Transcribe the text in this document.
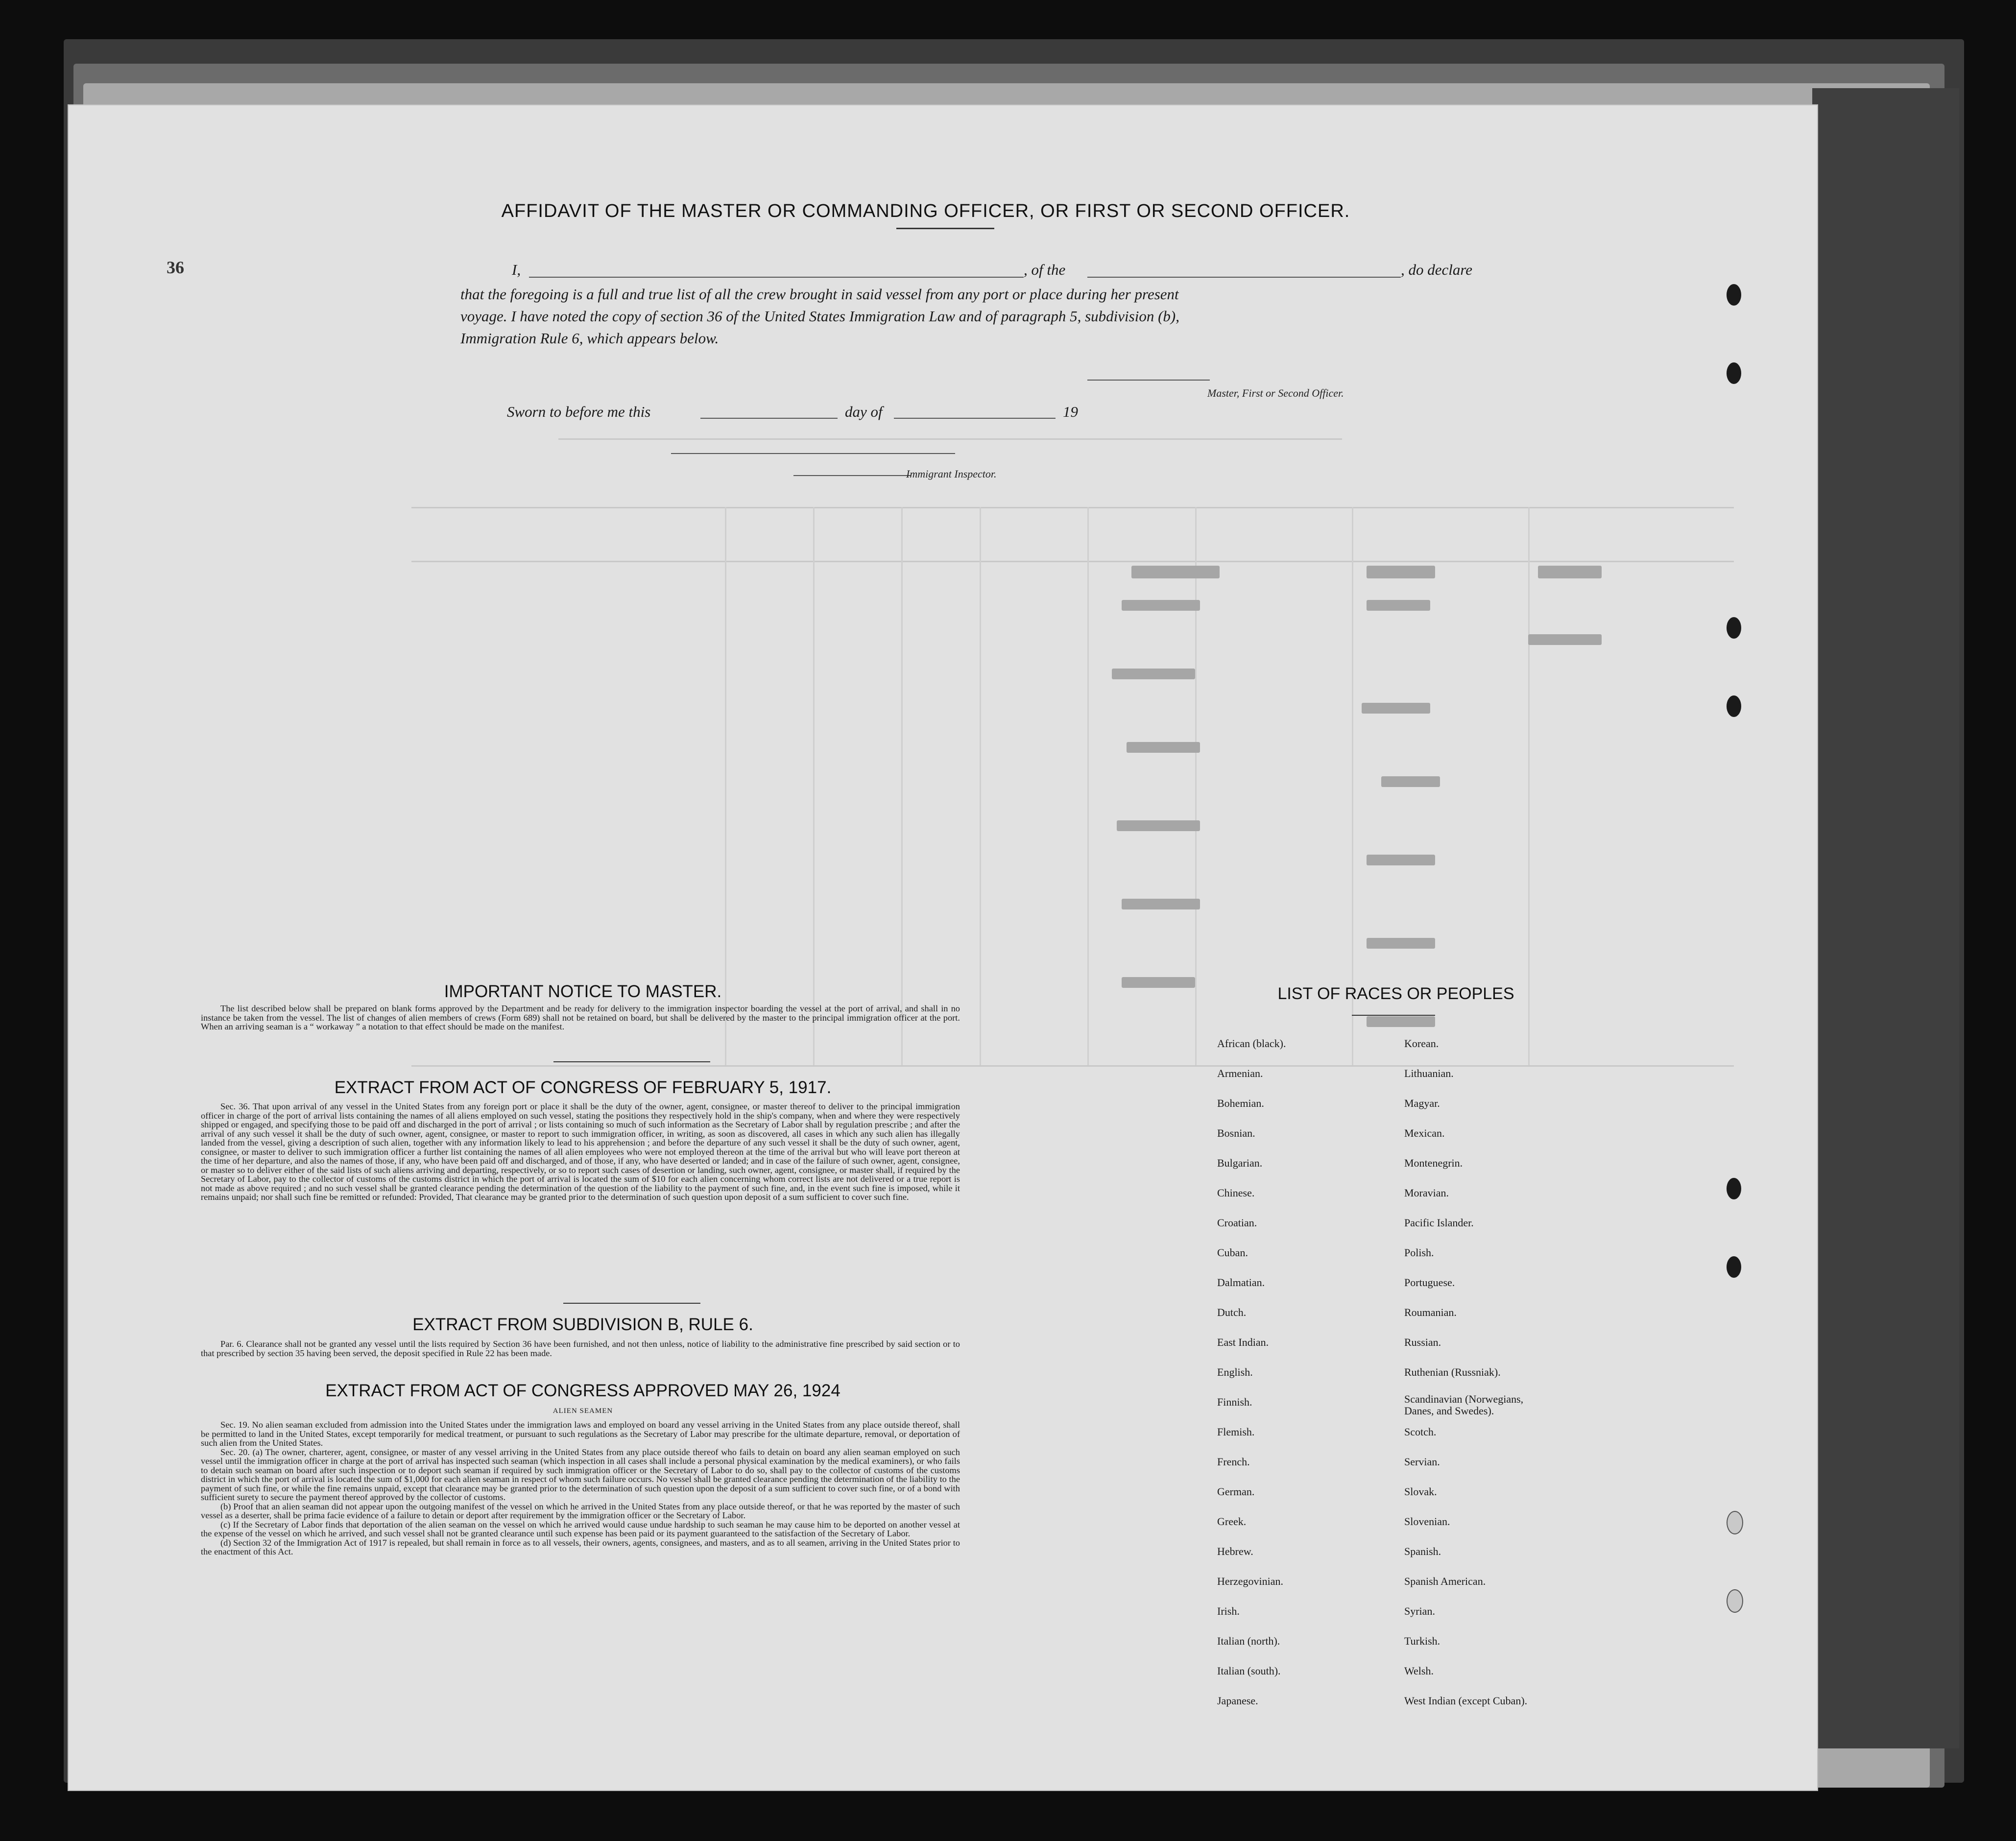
36
AFFIDAVIT OF THE MASTER OR COMMANDING OFFICER, OR FIRST OR SECOND OFFICER.
I,	, of the	, do declare
that the foregoing is a full and true list of all the crew brought in said vessel from any port or place during her present
voyage. I have noted the copy of section 36 of the United States Immigration Law and of paragraph 5, subdivision (b),
Immigration Rule 6, which appears below.
Master, First or Second Officer.
Sworn to before me this	day of	19
Immigrant Inspector.
IMPORTANT NOTICE TO MASTER.

The list described below shall be prepared on blank forms approved by the Department and be ready for delivery to the immigration inspector boarding the vessel at the port of arrival, and shall in no instance be taken from the vessel. The list of changes of alien members of crews (Form 689) shall not be retained on board, but shall be delivered by the master to the principal immigration officer at the port. When an arriving seaman is a “ workaway ” a notation to that effect should be made on the manifest.

EXTRACT FROM ACT OF CONGRESS OF FEBRUARY 5, 1917.

Sec. 36. That upon arrival of any vessel in the United States from any foreign port or place it shall be the duty of the owner, agent, consignee, or master thereof to deliver to the principal immigration officer in charge of the port of arrival lists containing the names of all aliens employed on such vessel, stating the positions they respectively hold in the ship's company, when and where they were respectively shipped or engaged, and specifying those to be paid off and discharged in the port of arrival ; or lists containing so much of such information as the Secretary of Labor shall by regulation prescribe ; and after the arrival of any such vessel it shall be the duty of such owner, agent, consignee, or master to report to such immigration officer, in writing, as soon as discovered, all cases in which any such alien has illegally landed from the vessel, giving a description of such alien, together with any information likely to lead to his apprehension ; and before the departure of any such vessel it shall be the duty of such owner, agent, consignee, or master to deliver to such immigration officer a further list containing the names of all alien employees who were not employed thereon at the time of the arrival but who will leave port thereon at the time of her departure, and also the names of those, if any, who have been paid off and discharged, and of those, if any, who have deserted or landed; and in case of the failure of such owner, agent, consignee, or master so to deliver either of the said lists of such aliens arriving and departing, respectively, or so to report such cases of desertion or landing, such owner, agent, consignee, or master shall, if required by the Secretary of Labor, pay to the collector of customs of the customs district in which the port of arrival is located the sum of $10 for each alien concerning whom correct lists are not delivered or a true report is not made as above required ; and no such vessel shall be granted clearance pending the determination of the question of the liability to the payment of such fine, and, in the event such fine is imposed, while it remains unpaid; nor shall such fine be remitted or refunded: Provided, That clearance may be granted prior to the determination of such question upon deposit of a sum sufficient to cover such fine.

EXTRACT FROM SUBDIVISION B, RULE 6.

Par. 6. Clearance shall not be granted any vessel until the lists required by Section 36 have been furnished, and not then unless, notice of liability to the administrative fine prescribed by said section or to that prescribed by section 35 having been served, the deposit specified in Rule 22 has been made.

EXTRACT FROM ACT OF CONGRESS APPROVED MAY 26, 1924
ALIEN SEAMEN

Sec. 19. No alien seaman excluded from admission into the United States under the immigration laws and employed on board any vessel arriving in the United States from any place outside thereof, shall be permitted to land in the United States, except temporarily for medical treatment, or pursuant to such regulations as the Secretary of Labor may prescribe for the ultimate departure, removal, or deportation of such alien from the United States.

Sec. 20. (a) The owner, charterer, agent, consignee, or master of any vessel arriving in the United States from any place outside thereof who fails to detain on board any alien seaman employed on such vessel until the immigration officer in charge at the port of arrival has inspected such seaman (which inspection in all cases shall include a personal physical examination by the medical examiners), or who fails to detain such seaman on board after such inspection or to deport such seaman if required by such immigration officer or the Secretary of Labor to do so, shall pay to the collector of customs of the customs district in which the port of arrival is located the sum of $1,000 for each alien seaman in respect of whom such failure occurs. No vessel shall be granted clearance pending the determination of the liability to the payment of such fine, or while the fine remains unpaid, except that clearance may be granted prior to the determination of such question upon the deposit of a sum sufficient to cover such fine, or of a bond with sufficient surety to secure the payment thereof approved by the collector of customs.

(b) Proof that an alien seaman did not appear upon the outgoing manifest of the vessel on which he arrived in the United States from any place outside thereof, or that he was reported by the master of such vessel as a deserter, shall be prima facie evidence of a failure to detain or deport after requirement by the immigration officer or the Secretary of Labor.

(c) If the Secretary of Labor finds that deportation of the alien seaman on the vessel on which he arrived would cause undue hardship to such seaman he may cause him to be deported on another vessel at the expense of the vessel on which he arrived, and such vessel shall not be granted clearance until such expense has been paid or its payment guaranteed to the satisfaction of the Secretary of Labor.

(d) Section 32 of the Immigration Act of 1917 is repealed, but shall remain in force as to all vessels, their owners, agents, consignees, and masters, and as to all seamen, arriving in the United States prior to the enactment of this Act.

LIST OF RACES OR PEOPLES
African (black).
Armenian.
Bohemian.
Bosnian.
Bulgarian.
Chinese.
Croatian.
Cuban.
Dalmatian.
Dutch.
East Indian.
English.
Finnish.
Flemish.
French.
German.
Greek.
Hebrew.
Herzegovinian.
Irish.
Italian (north).
Italian (south).
Japanese.
Korean.
Lithuanian.
Magyar.
Mexican.
Montenegrin.
Moravian.
Pacific Islander.
Polish.
Portuguese.
Roumanian.
Russian.
Ruthenian (Russniak).
Scandinavian (Norwegians, Danes, and Swedes).
Scotch.
Servian.
Slovak.
Slovenian.
Spanish.
Spanish American.
Syrian.
Turkish.
Welsh.
West Indian (except Cuban).
